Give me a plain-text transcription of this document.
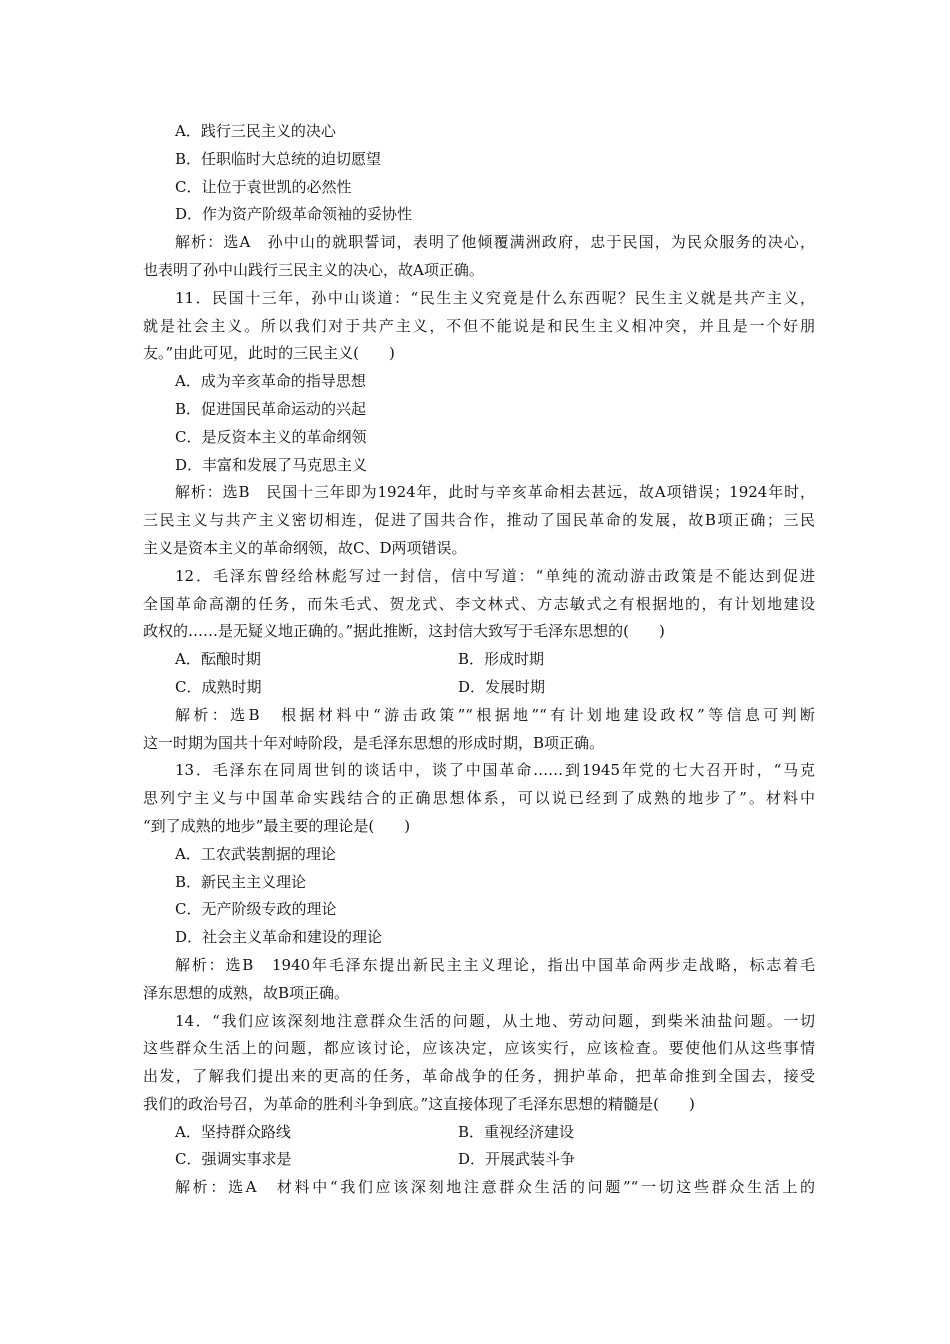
A．践行三民主义的决心
B．任职临时大总统的迫切愿望
C．让位于袁世凯的必然性
D．作为资产阶级革命领袖的妥协性
解析：选A　孙中山的就职誓词，表明了他倾覆满洲政府，忠于民国，为民众服务的决心，
也表明了孙中山践行三民主义的决心，故A项正确。
11．民国十三年，孙中山谈道：“民生主义究竟是什么东西呢？民生主义就是共产主义，
就是社会主义。所以我们对于共产主义，不但不能说是和民生主义相冲突，并且是一个好朋
友。”由此可见，此时的三民主义(　　)
A．成为辛亥革命的指导思想
B．促进国民革命运动的兴起
C．是反资本主义的革命纲领
D．丰富和发展了马克思主义
解析：选B　民国十三年即为1924年，此时与辛亥革命相去甚远，故A项错误；1924年时，
三民主义与共产主义密切相连，促进了国共合作，推动了国民革命的发展，故B项正确；三民
主义是资本主义的革命纲领，故C、D两项错误。
12．毛泽东曾经给林彪写过一封信，信中写道：“单纯的流动游击政策是不能达到促进
全国革命高潮的任务，而朱毛式、贺龙式、李文林式、方志敏式之有根据地的，有计划地建设
政权的……是无疑义地正确的。”据此推断，这封信大致写于毛泽东思想的(　　)
A．酝酿时期	B．形成时期
C．成熟时期	D．发展时期
解析：选B　根据材料中“游击政策”“根据地”“有计划地建设政权”等信息可判断
这一时期为国共十年对峙阶段，是毛泽东思想的形成时期，B项正确。
13．毛泽东在同周世钊的谈话中，谈了中国革命……到1945年党的七大召开时，“马克
思列宁主义与中国革命实践结合的正确思想体系，可以说已经到了成熟的地步了”。材料中
“到了成熟的地步”最主要的理论是(　　)
A．工农武装割据的理论
B．新民主主义理论
C．无产阶级专政的理论
D．社会主义革命和建设的理论
解析：选B　1940年毛泽东提出新民主主义理论，指出中国革命两步走战略，标志着毛
泽东思想的成熟，故B项正确。
14．“我们应该深刻地注意群众生活的问题，从土地、劳动问题，到柴米油盐问题。一切
这些群众生活上的问题，都应该讨论，应该决定，应该实行，应该检查。要使他们从这些事情
出发，了解我们提出来的更高的任务，革命战争的任务，拥护革命，把革命推到全国去，接受
我们的政治号召，为革命的胜利斗争到底。”这直接体现了毛泽东思想的精髓是(　　)
A．坚持群众路线	B．重视经济建设
C．强调实事求是	D．开展武装斗争
解析：选A　材料中“我们应该深刻地注意群众生活的问题”“一切这些群众生活上的
